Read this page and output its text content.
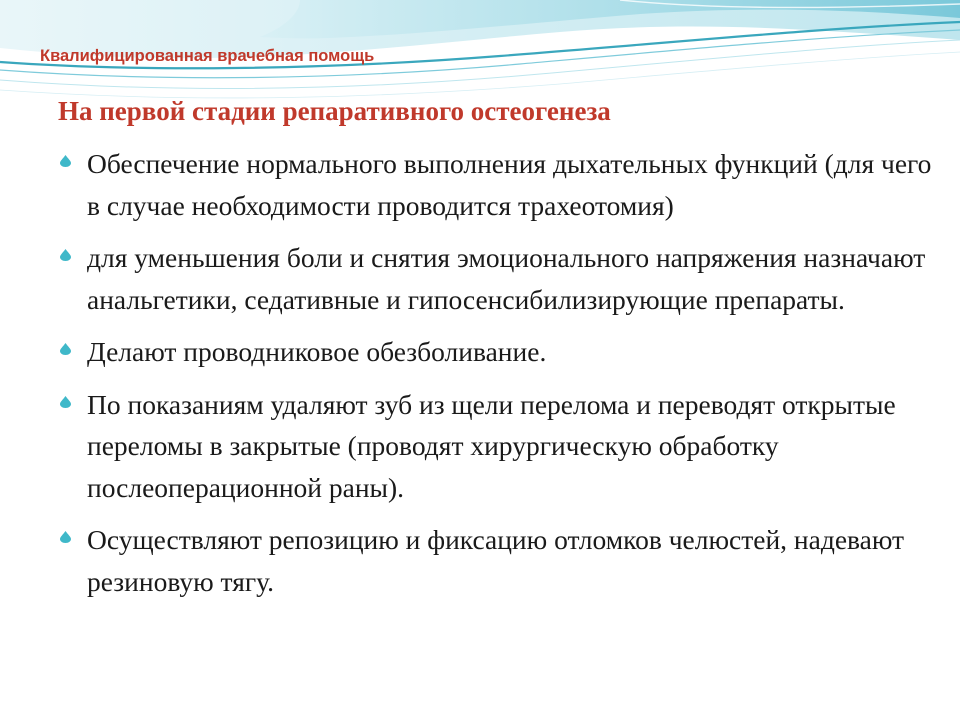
Квалифицированная врачебная помощь
На первой стадии репаративного остеогенеза
Обеспечение нормального выполнения дыхательных функций (для чего в случае необходимости проводится трахеотомия)
для уменьшения боли и снятия эмоционального напряжения назначают анальгетики, седативные и гипосенсибилизирующие препараты.
Делают проводниковое обезболивание.
По показаниям удаляют зуб из щели перелома и переводят открытые переломы в закрытые (проводят хирургическую обработку послеоперационной раны).
Осуществляют репозицию и фиксацию отломков челюстей, надевают резиновую тягу.
